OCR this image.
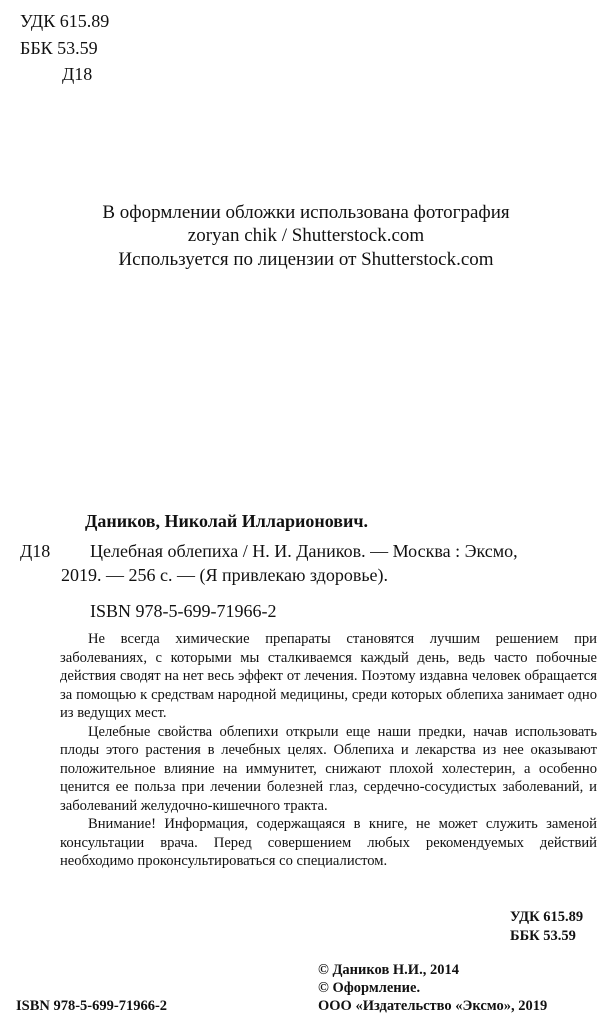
УДК 615.89
ББК 53.59
Д18
В оформлении обложки использована фотография
zoryan chik / Shutterstock.com
Используется по лицензии от Shutterstock.com
Даников, Николай Илларионович.
Д18 Целебная облепиха / Н. И. Даников. — Москва : Эксмо,
2019. — 256 с. — (Я привлекаю здоровье).
ISBN 978-5-699-71966-2

Не всегда химические препараты становятся лучшим решением при заболеваниях, с которыми мы сталкиваемся каждый день, ведь часто побочные действия сводят на нет весь эффект от лечения. Поэтому издавна человек обращается за помощью к средствам народной медицины, среди которых облепиха занимает одно из ведущих мест.

Целебные свойства облепихи открыли еще наши предки, начав использовать плоды этого растения в лечебных целях. Облепиха и лекарства из нее оказывают положительное влияние на иммунитет, снижают плохой холестерин, а особенно ценится ее польза при лечении болезней глаз, сердечно-сосудистых заболеваний, и заболеваний желудочно-кишечного тракта.

Внимание! Информация, содержащаяся в книге, не может служить заменой консультации врача. Перед совершением любых рекомендуемых действий необходимо проконсультироваться со специалистом.

УДК 615.89
ББК 53.59
© Даников Н.И., 2014
© Оформление.
ISBN 978-5-699-71966-2	ООО «Издательство «Эксмо», 2019
